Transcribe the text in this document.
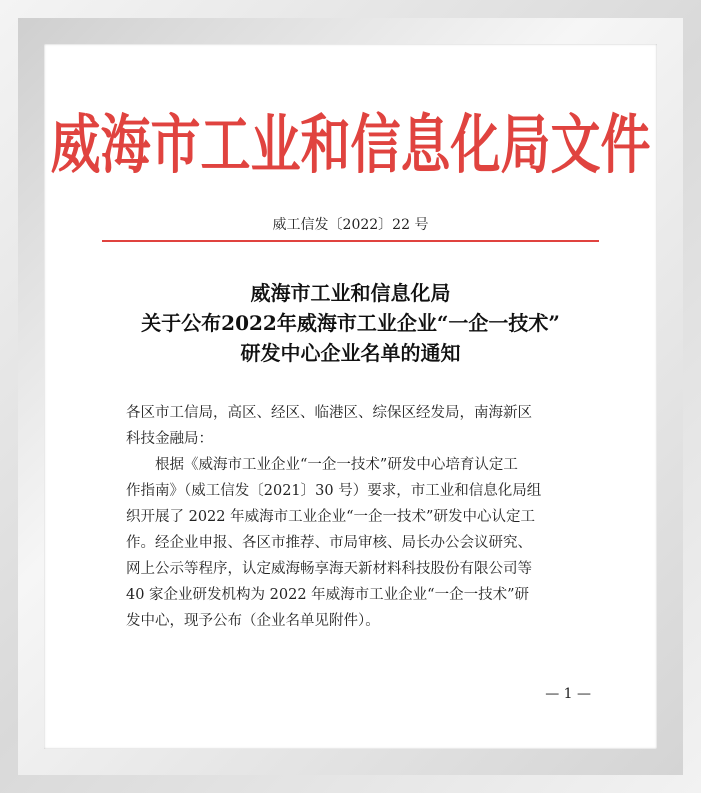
威海市工业和信息化局文件
威工信发〔2022〕22 号
威海市工业和信息化局
关于公布2022年威海市工业企业“一企一技术”
研发中心企业名单的通知

各区市工信局，高区、经区、临港区、综保区经发局，南海新区

科技金融局：

根据《威海市工业企业“一企一技术”研发中心培育认定工

作指南》（威工信发〔2021〕30 号）要求，市工业和信息化局组

织开展了 2022 年威海市工业企业“一企一技术”研发中心认定工

作。经企业申报、各区市推荐、市局审核、局长办公会议研究、

网上公示等程序，认定威海畅享海天新材料科技股份有限公司等

40 家企业研发机构为 2022 年威海市工业企业“一企一技术”研

发中心，现予公布（企业名单见附件）。

— 1 —
